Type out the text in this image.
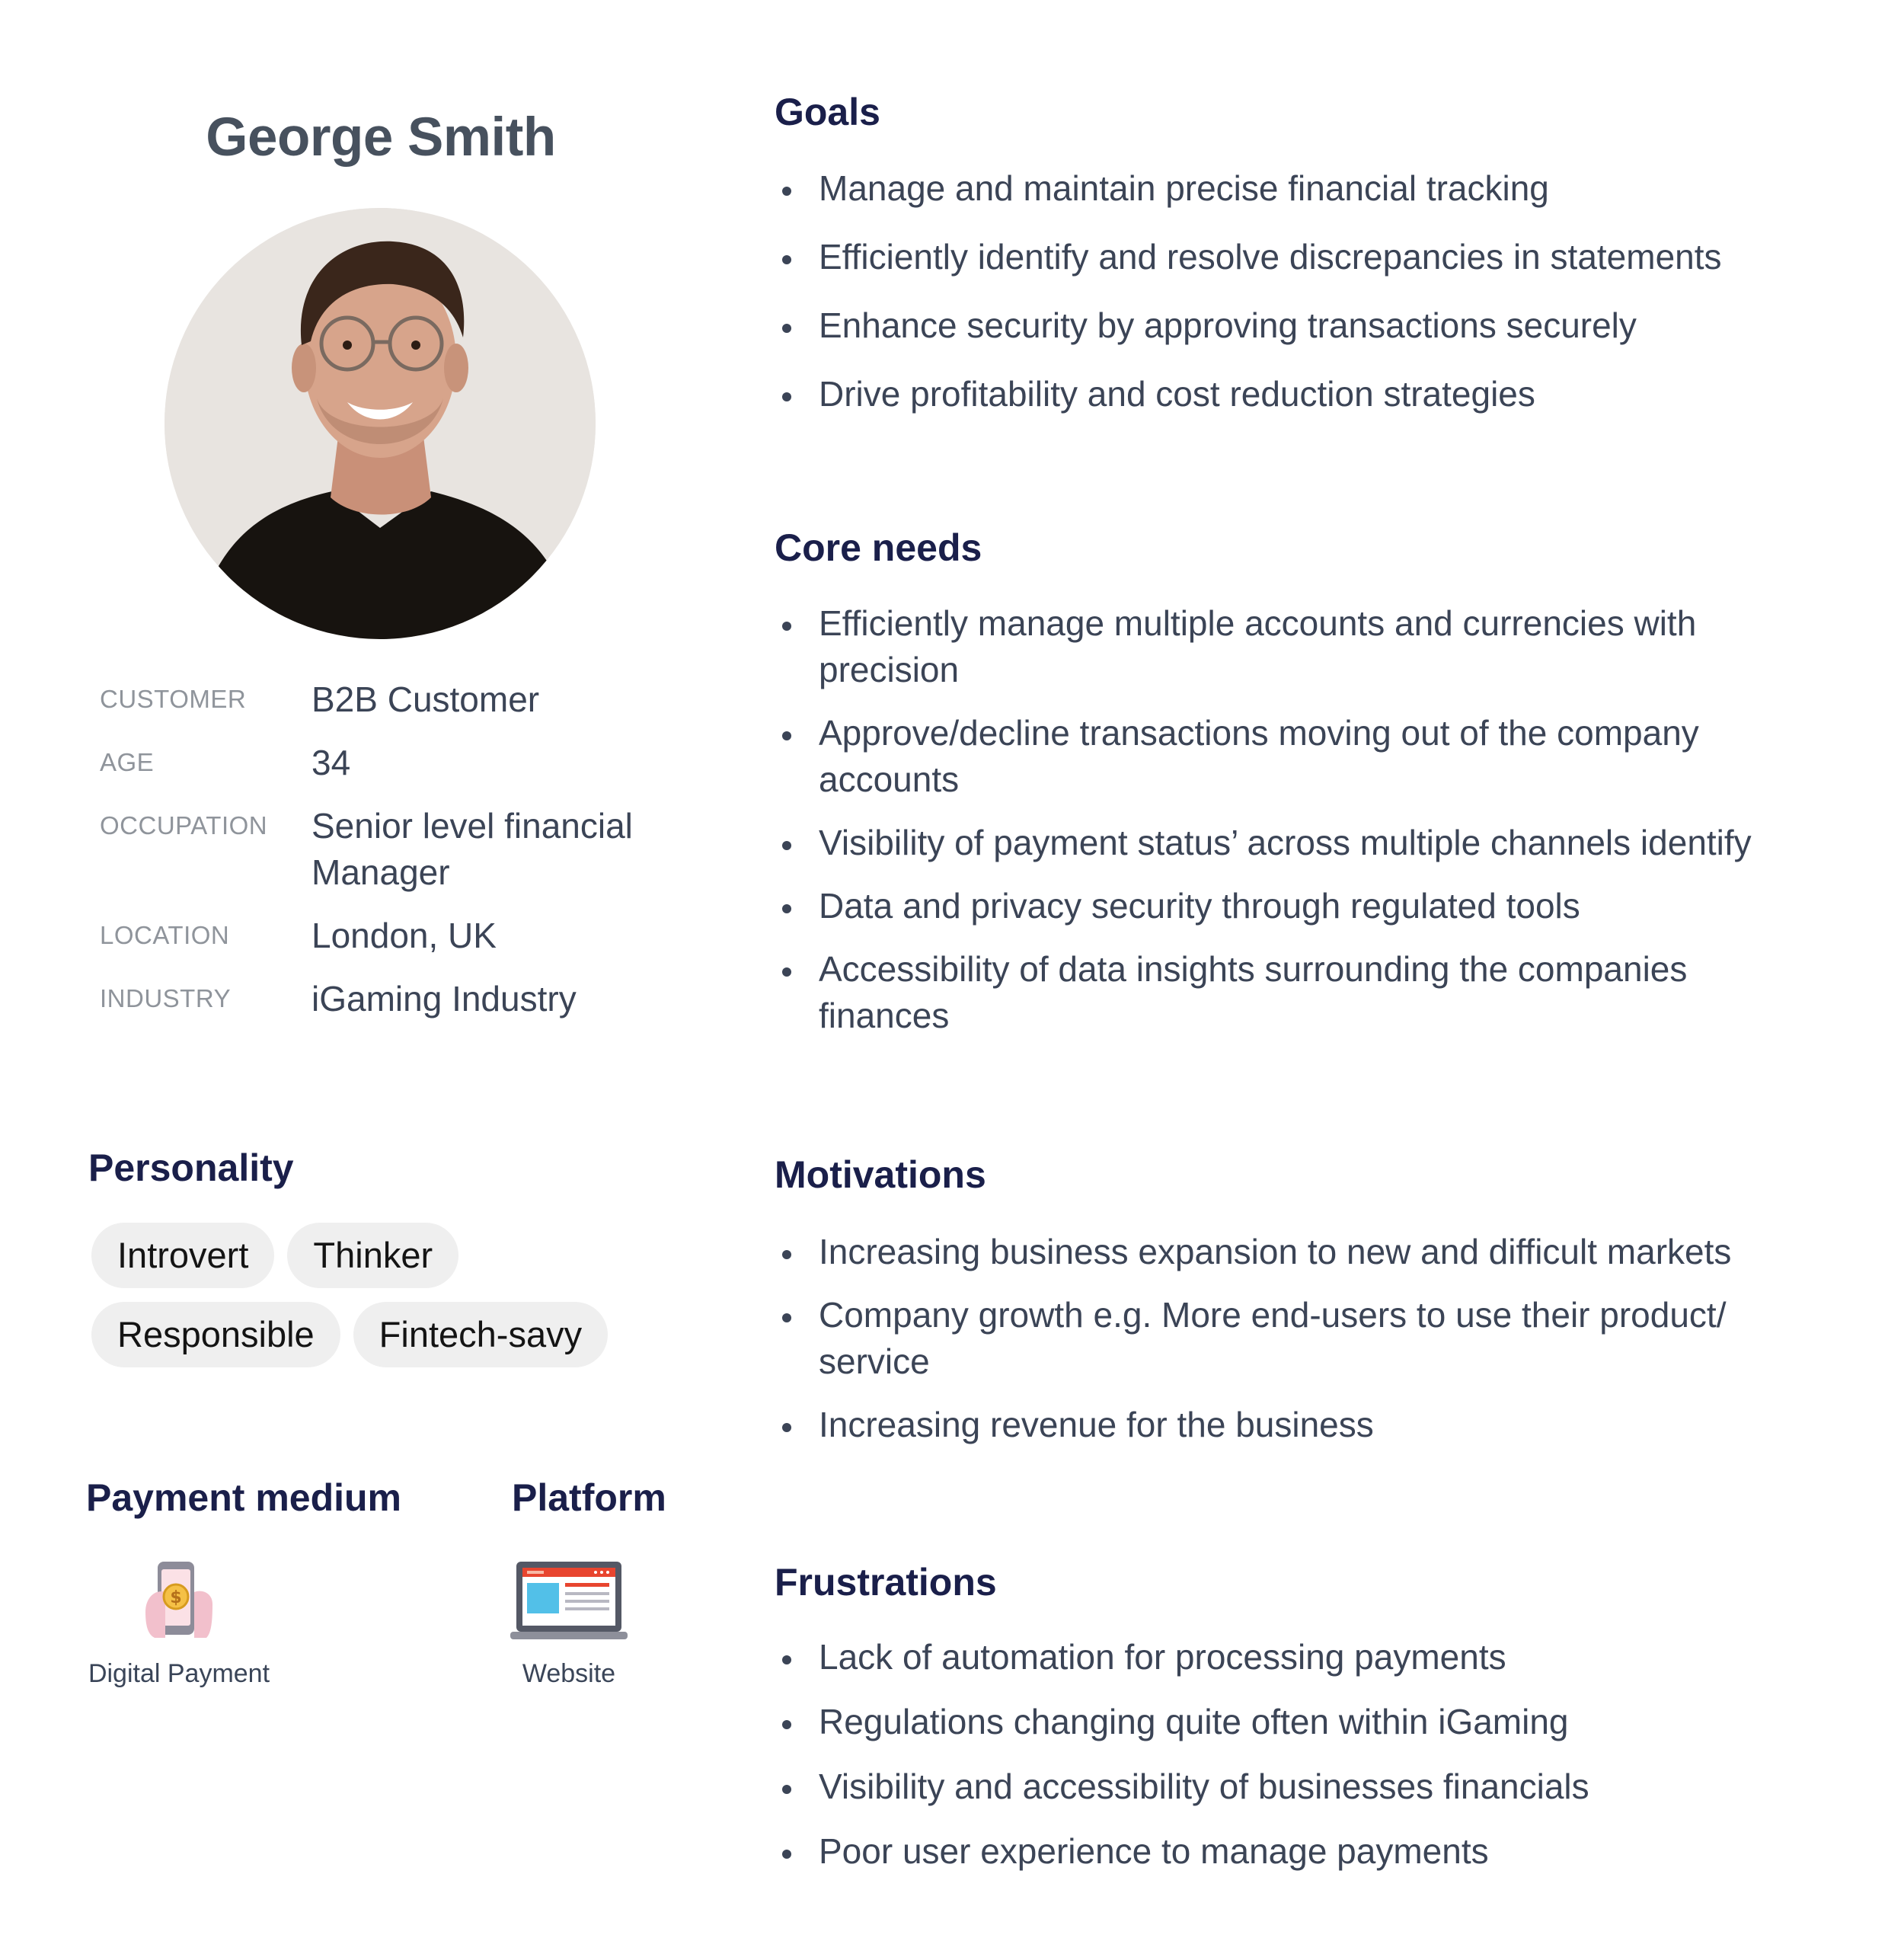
George Smith
CUSTOMER	B2B Customer
AGE	34
OCCUPATION	Senior level financial Manager
LOCATION	London, UK
INDUSTRY	iGaming Industry
Personality
Introvert	Thinker
Responsible	Fintech-savy
Payment medium	Platform
$
Digital Payment	Website
Goals
Manage and maintain precise financial tracking
Efficiently identify and resolve discrepancies in statements
Enhance security by approving transactions securely
Drive profitability and cost reduction strategies
Core needs
Efficiently manage multiple accounts and currencies with precision
Approve/decline transactions moving out of the company accounts
Visibility of payment status’ across multiple channels identify
Data and privacy security through regulated tools
Accessibility of data insights surrounding the companies finances
Motivations
Increasing business expansion to new and difficult markets
Company growth e.g. More end-users to use their product/ service
Increasing revenue for the business
Frustrations
Lack of automation for processing payments
Regulations changing quite often within iGaming
Visibility and accessibility of businesses financials
Poor user experience to manage payments
